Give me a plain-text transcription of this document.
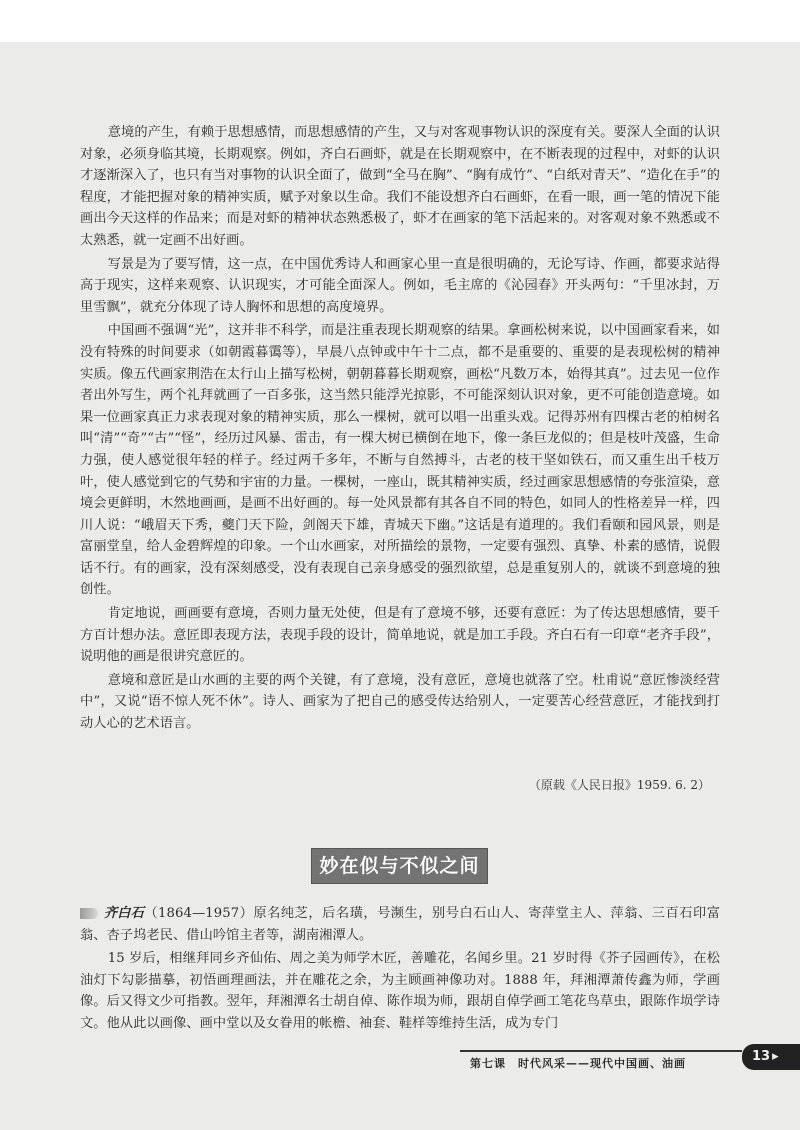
意境的产生，有赖于思想感情，而思想感情的产生，又与对客观事物认识的深度有关。要深人全面的认识对象，必须身临其境，长期观察。例如，齐白石画虾，就是在长期观察中，在不断表现的过程中，对虾的认识才逐渐深入了，也只有当对事物的认识全面了，做到“全马在胸”、“胸有成竹”、“白纸对青天”、“造化在手”的程度，才能把握对象的精神实质，赋予对象以生命。我们不能设想齐白石画虾，在看一眼，画一笔的情况下能画出今天这样的作品来；而是对虾的精神状态熟悉极了，虾才在画家的笔下活起来的。对客观对象不熟悉或不太熟悉，就一定画不出好画。

写景是为了要写情，这一点，在中国优秀诗人和画家心里一直是很明确的，无论写诗、作画，都要求站得高于现实，这样来观察、认识现实，才可能全面深人。例如，毛主席的《沁园春》开头两句：“千里冰封，万里雪飘”，就充分体现了诗人胸怀和思想的高度境界。

中国画不强调“光”，这并非不科学，而是注重表现长期观察的结果。拿画松树来说，以中国画家看来，如没有特殊的时间要求（如朝霞暮霭等），早晨八点钟或中午十二点，都不是重要的、重要的是表现松树的精神实质。像五代画家荆浩在太行山上描写松树，朝朝暮暮长期观察，画松“凡数万本，始得其真”。过去见一位作者出外写生，两个礼拜就画了一百多张，这当然只能浮光掠影，不可能深刻认识对象，更不可能创造意境。如果一位画家真正力求表现对象的精神实质，那么一棵树，就可以唱一出重头戏。记得苏州有四棵古老的柏树名叫“清”“奇”“古”“怪”，经历过风暴、雷击，有一棵大树已横倒在地下，像一条巨龙似的；但是枝叶茂盛，生命力强，使人感觉很年轻的样子。经过两千多年，不断与自然搏斗，古老的枝干坚如铁石，而又重生出千枝万叶，使人感觉到它的气势和宇宙的力量。一棵树，一座山，既其精神实质，经过画家思想感情的夸张渲染，意境会更鲜明，木然地画画，是画不出好画的。每一处风景都有其各自不同的特色，如同人的性格差异一样，四川人说：“峨眉天下秀，夔门天下险，剑阁天下雄，青城天下幽。”这话是有道理的。我们看颐和园风景，则是富丽堂皇，给人金碧辉煌的印象。一个山水画家，对所描绘的景物，一定要有强烈、真挚、朴素的感情，说假话不行。有的画家，没有深刻感受，没有表现自己亲身感受的强烈欲望，总是重复别人的，就谈不到意境的独创性。

肯定地说，画画要有意境，否则力量无处使，但是有了意境不够，还要有意匠：为了传达思想感情，要千方百计想办法。意匠即表现方法，表现手段的设计，简单地说，就是加工手段。齐白石有一印章“老齐手段”，说明他的画是很讲究意匠的。

意境和意匠是山水画的主要的两个关键，有了意境，没有意匠，意境也就落了空。杜甫说“意匠惨淡经营中”，又说“语不惊人死不休”。诗人、画家为了把自己的感受传达给别人，一定要苦心经营意匠，才能找到打动人心的艺术语言。

（原载《人民日报》1959. 6. 2）
妙在似与不似之间

齐白石（1864—1957）原名纯芝，后名璜，号濒生，别号白石山人、寄萍堂主人、萍翁、三百石印富翁、杏子坞老民、借山吟馆主者等，湖南湘潭人。

15 岁后，相继拜同乡齐仙佑、周之美为师学木匠，善雕花，名闻乡里。21 岁时得《芥子园画传》，在松油灯下勾影描摹，初悟画理画法，并在雕花之余，为主顾画神像功对。1888 年，拜湘潭萧传鑫为师，学画像。后又得文少可指教。翌年，拜湘潭名士胡自倬、陈作埙为师，跟胡自倬学画工笔花鸟草虫，跟陈作埙学诗文。他从此以画像、画中堂以及女眷用的帐檐、袖套、鞋样等维持生活，成为专门

第七课　时代风采——现代中国画、油画	13 ▸
